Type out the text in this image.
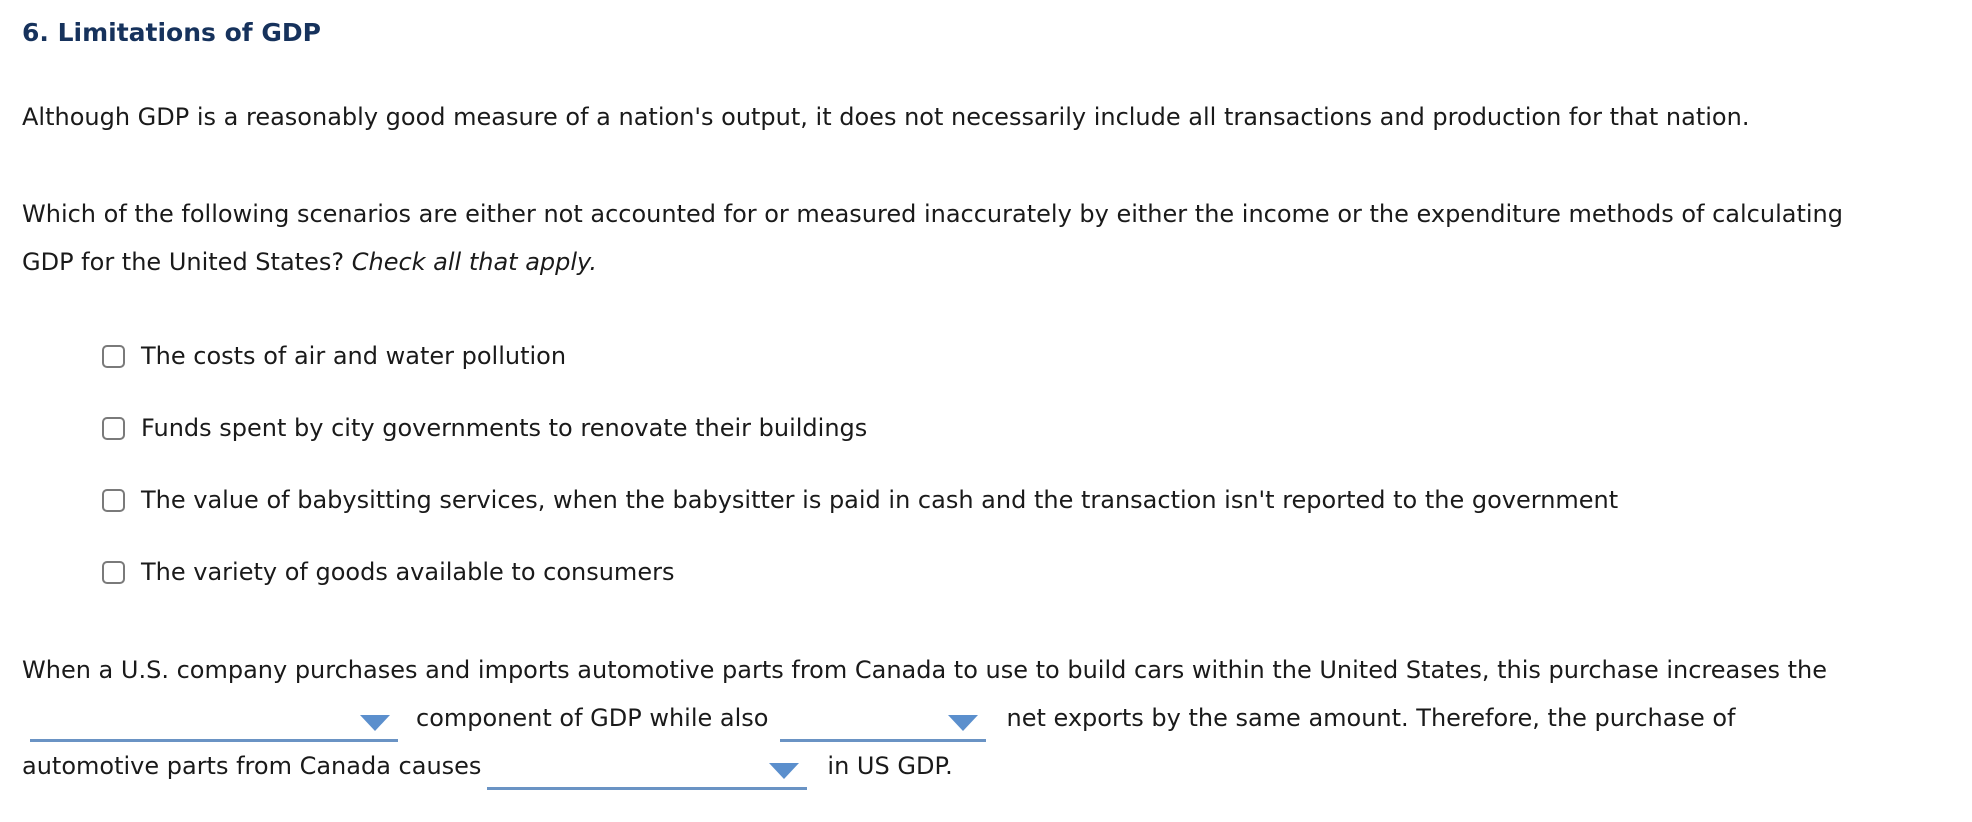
6. Limitations of GDP

Although GDP is a reasonably good measure of a nation's output, it does not necessarily include all transactions and production for that nation.

Which of the following scenarios are either not accounted for or measured inaccurately by either the income or the expenditure methods of calculating
GDP for the United States? Check all that apply.

The costs of air and water pollution
Funds spent by city governments to renovate their buildings
The value of babysitting services, when the babysitter is paid in cash and the transaction isn't reported to the government
The variety of goods available to consumers
When a U.S. company purchases and imports automotive parts from Canada to use to build cars within the United States, this purchase increases the
component of GDP while also	net exports by the same amount. Therefore, the purchase of
automotive parts from Canada causes	in US GDP.
